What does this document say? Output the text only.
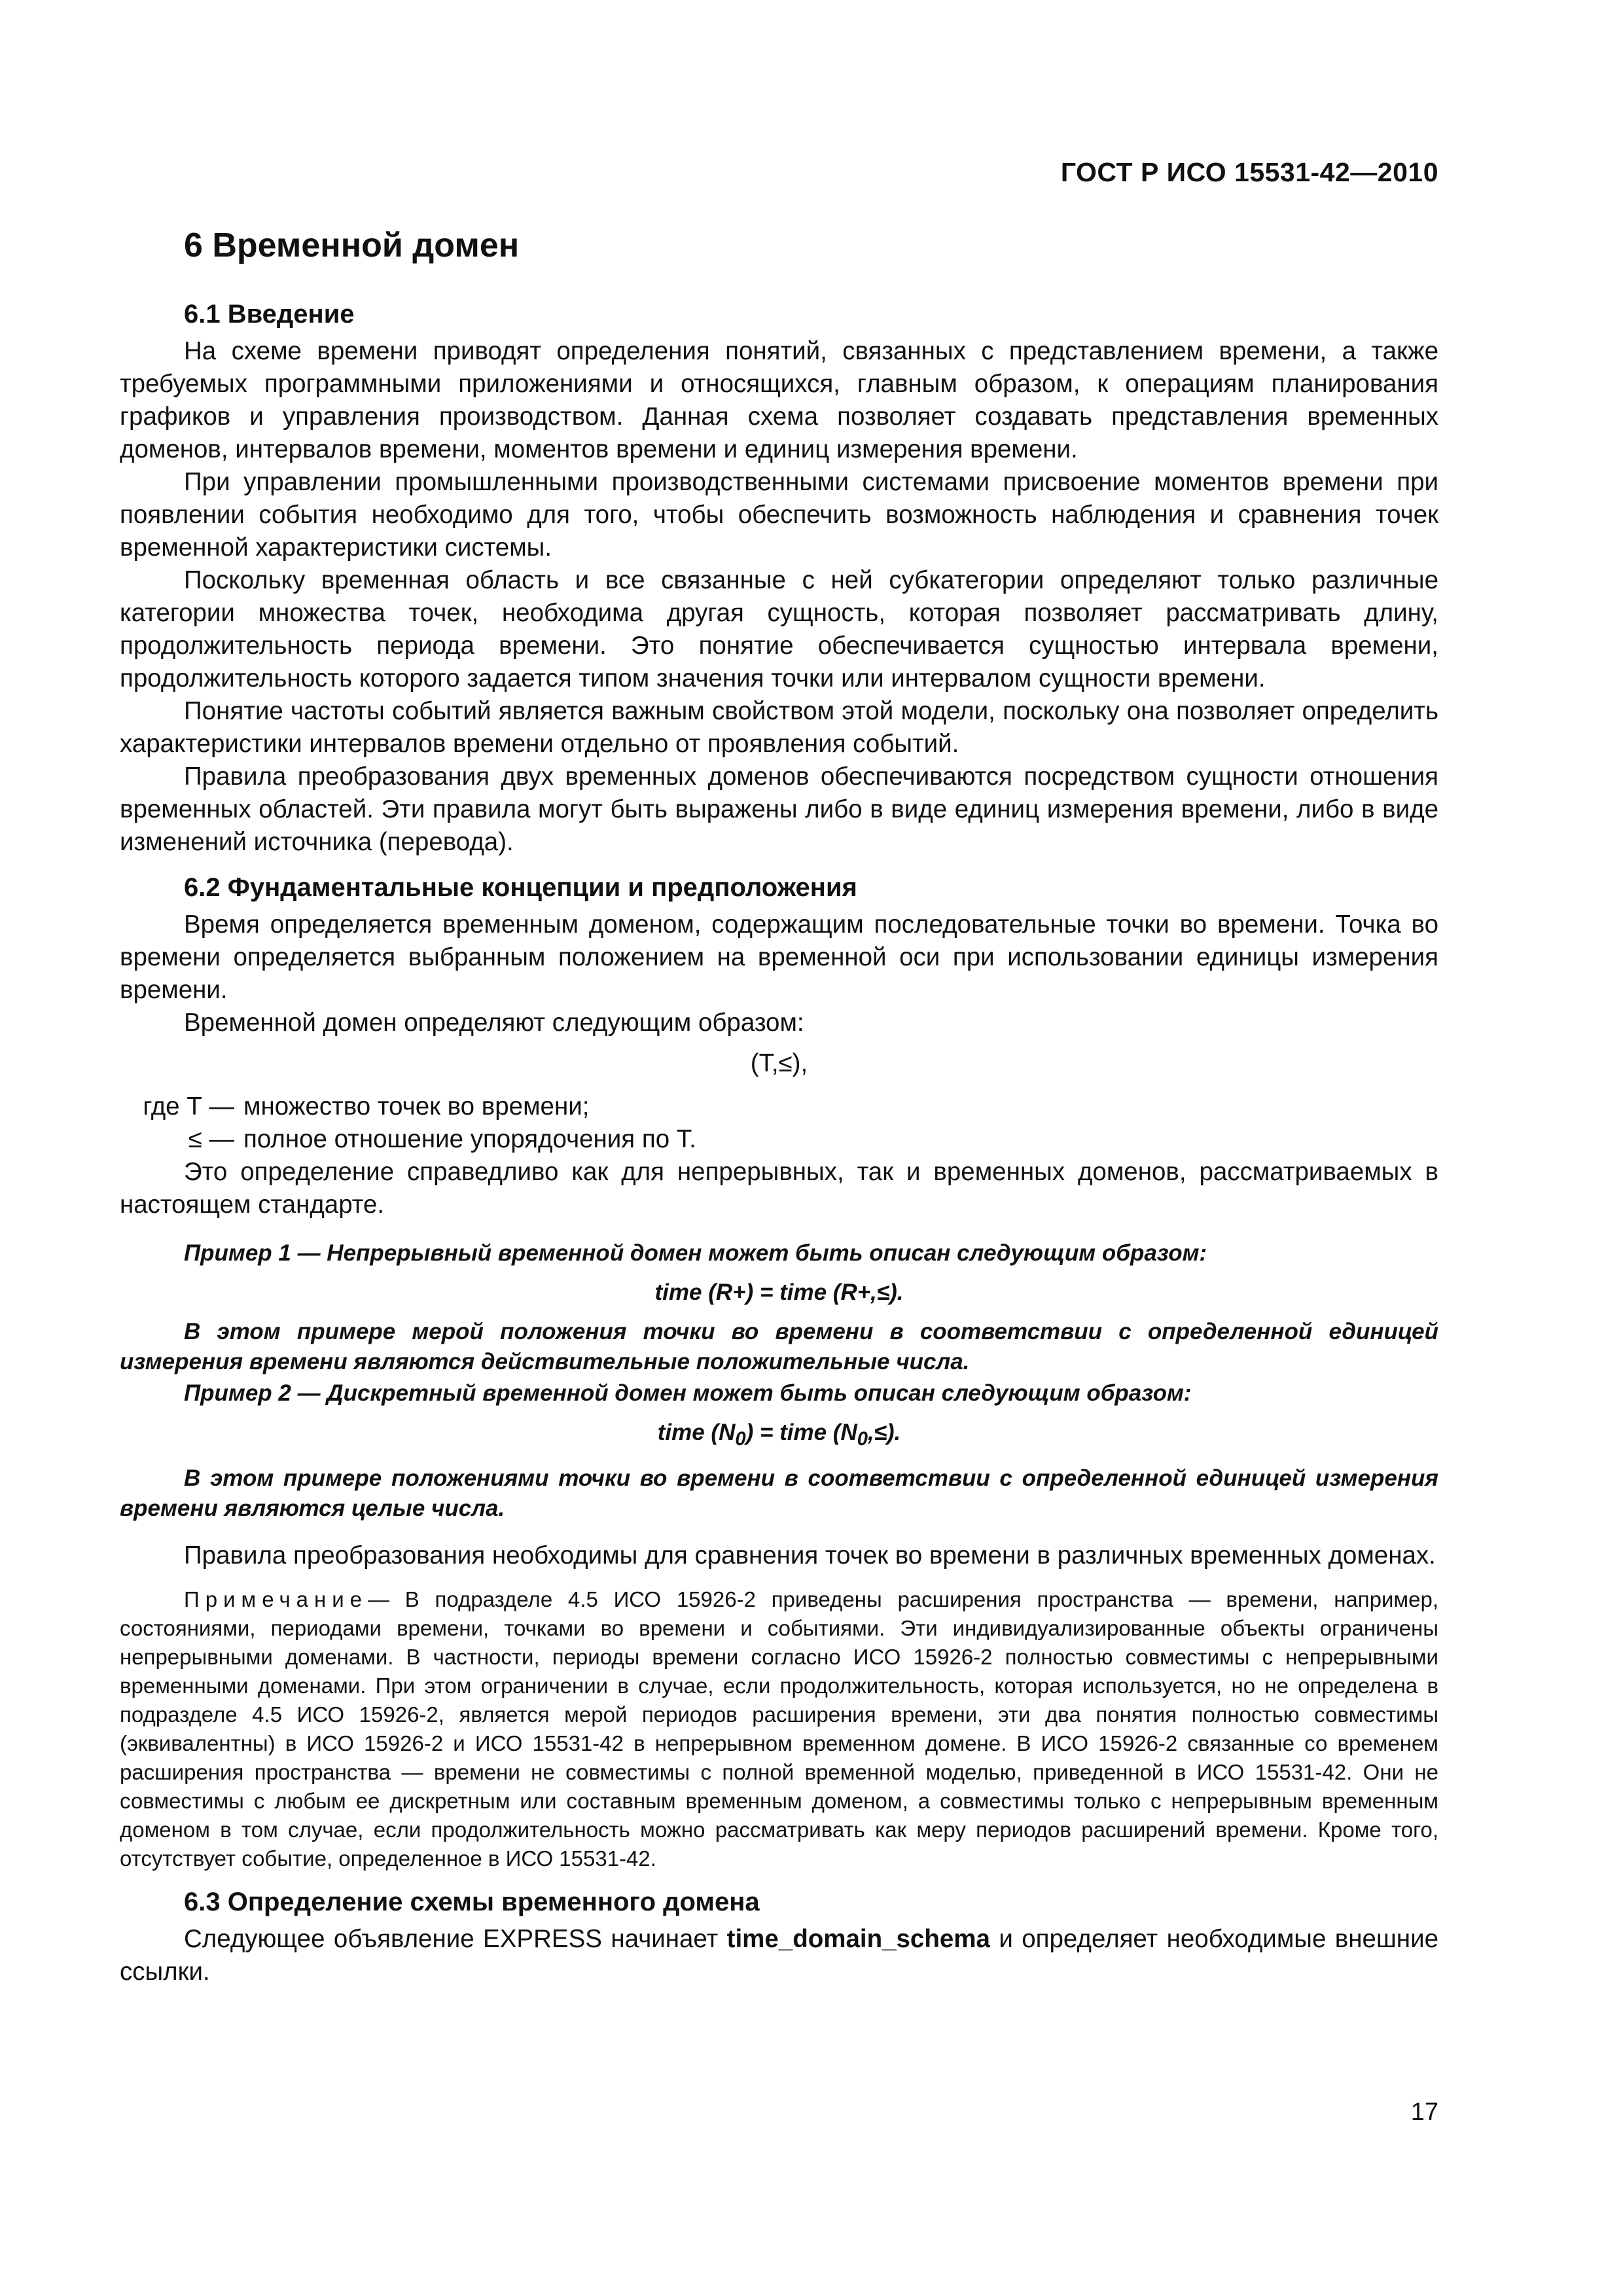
ГОСТ Р ИСО 15531-42—2010

6 Временной домен

6.1 Введение

На схеме времени приводят определения понятий, связанных с представлением времени, а также требуемых программными приложениями и относящихся, главным образом, к операциям планирования графиков и управления производством. Данная схема позволяет создавать представления временных доменов, интервалов времени, моментов времени и единиц измерения времени.

При управлении промышленными производственными системами присвоение моментов времени при появлении события необходимо для того, чтобы обеспечить возможность наблюдения и сравнения точек временной характеристики системы.

Поскольку временная область и все связанные с ней субкатегории определяют только различные категории множества точек, необходима другая сущность, которая позволяет рассматривать длину, продолжительность периода времени. Это понятие обеспечивается сущностью интервала времени, продолжительность которого задается типом значения точки или интервалом сущности времени.

Понятие частоты событий является важным свойством этой модели, поскольку она позволяет определить характеристики интервалов времени отдельно от проявления событий.

Правила преобразования двух временных доменов обеспечиваются посредством сущности отношения временных областей. Эти правила могут быть выражены либо в виде единиц измерения времени, либо в виде изменений источника (перевода).

6.2 Фундаментальные концепции и предположения

Время определяется временным доменом, содержащим последовательные точки во времени. Точка во времени определяется выбранным положением на временной оси при использовании единицы измерения времени.

Временной домен определяют следующим образом:

(T,≤),

где Т — множество точек во времени;
≤ — полное отношение упорядочения по Т.

Это определение справедливо как для непрерывных, так и временных доменов, рассматриваемых в настоящем стандарте.

Пример 1 — Непрерывный временной домен может быть описан следующим образом:

time (R+) = time (R+,≤).

В этом примере мерой положения точки во времени в соответствии с определенной единицей измерения времени являются действительные положительные числа.

Пример 2 — Дискретный временной домен может быть описан следующим образом:

time $(N_0)$ = time $(N_0,\le)$.

В этом примере положениями точки во времени в соответствии с определенной единицей измерения времени являются целые числа.

Правила преобразования необходимы для сравнения точек во времени в различных временных доменах.

Примечание— В подразделе 4.5 ИСО 15926-2 приведены расширения пространства — времени, например, состояниями, периодами времени, точками во времени и событиями. Эти индивидуализированные объекты ограничены непрерывными доменами. В частности, периоды времени согласно ИСО 15926-2 полностью совместимы с непрерывными временными доменами. При этом ограничении в случае, если продолжительность, которая используется, но не определена в подразделе 4.5 ИСО 15926-2, является мерой периодов расширения времени, эти два понятия полностью совместимы (эквивалентны) в ИСО 15926-2 и ИСО 15531-42 в непрерывном временном домене. В ИСО 15926-2 связанные со временем расширения пространства — времени не совместимы с полной временной моделью, приведенной в ИСО 15531-42. Они не совместимы с любым ее дискретным или составным временным доменом, а совместимы только с непрерывным временным доменом в том случае, если продолжительность можно рассматривать как меру периодов расширений времени. Кроме того, отсутствует событие, определенное в ИСО 15531-42.

6.3 Определение схемы временного домена

Следующее объявление EXPRESS начинает time_domain_schema и определяет необходимые внешние ссылки.

17
